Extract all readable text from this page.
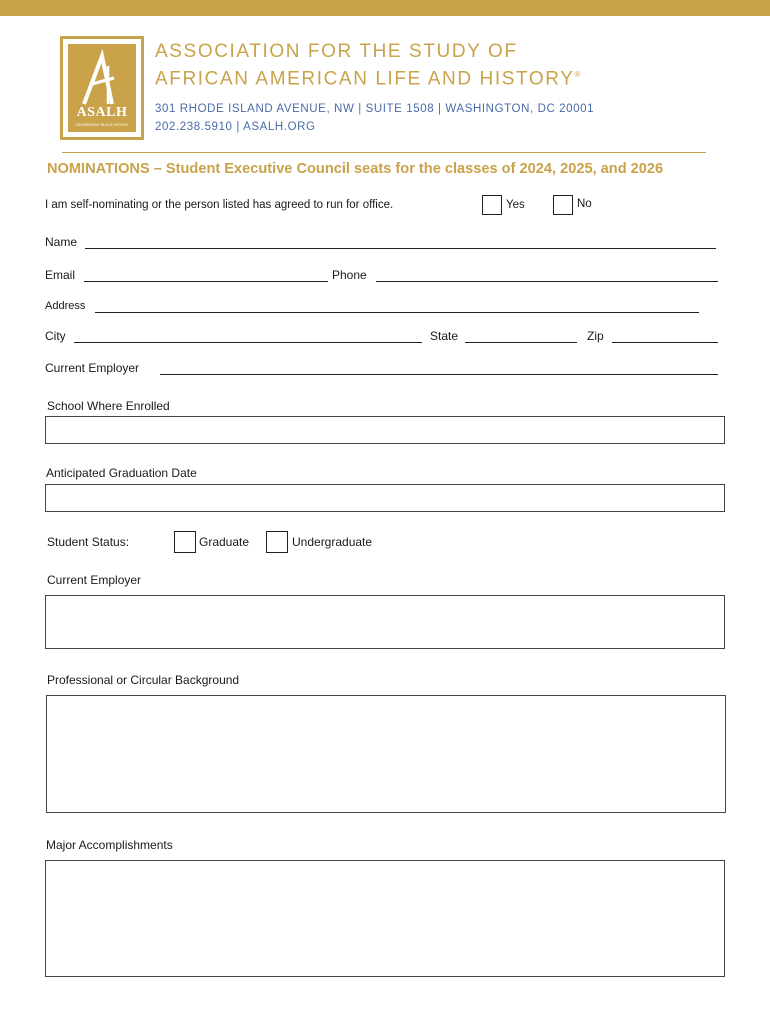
ASALH
CELEBRATING BLACK HISTORY
ASSOCIATION FOR THE STUDY OF
AFRICAN AMERICAN LIFE AND HISTORY®
301 RHODE ISLAND AVENUE, NW | SUITE 1508 | WASHINGTON, DC 20001
202.238.5910 | ASALH.ORG
NOMINATIONS – Student Executive Council seats for the classes of 2024, 2025, and 2026
I am self-nominating or the person listed has agreed to run for office.	Yes	No
Name
Email	Phone
Address
City	State	Zip
Current Employer
School Where Enrolled
Anticipated Graduation Date
Student Status:	Graduate	Undergraduate
Current Employer
Professional or Circular Background
Major Accomplishments
